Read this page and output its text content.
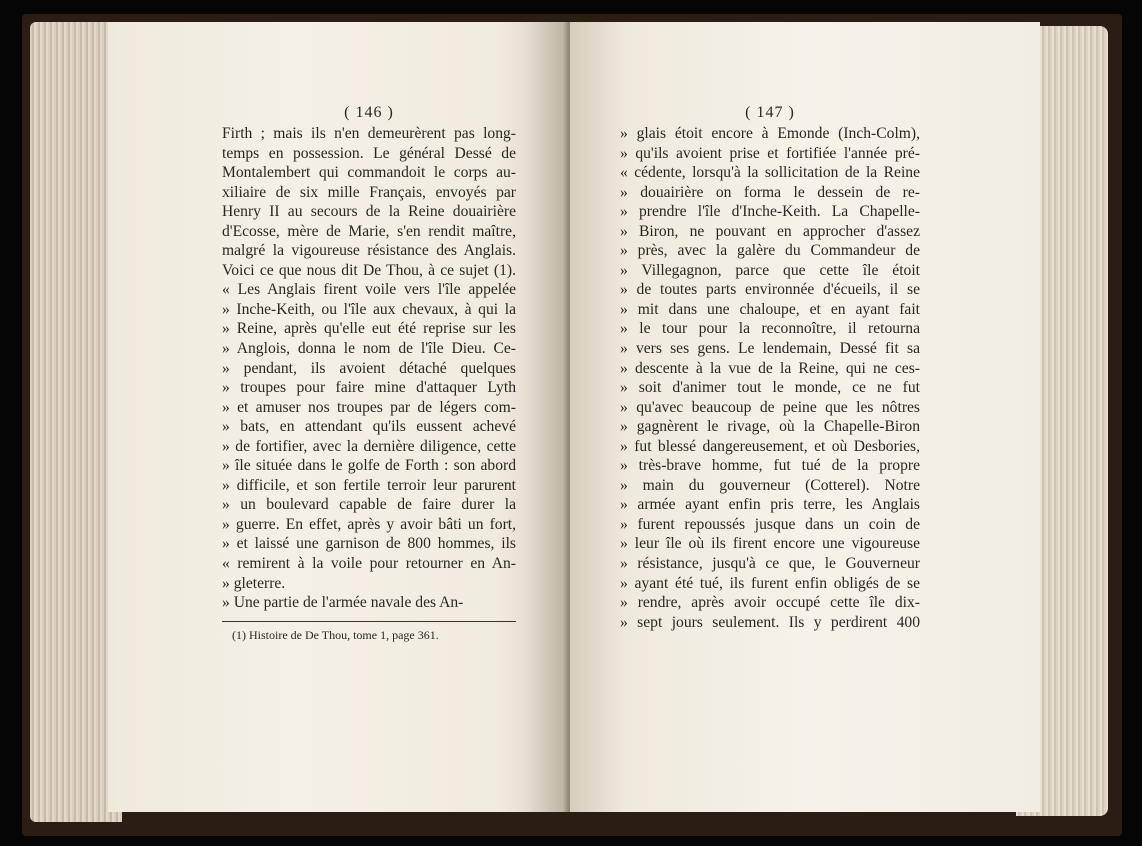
( 146 )
Firth ; mais ils n'en demeurèrent pas long-
temps en possession. Le général Dessé de
Montalembert qui commandoit le corps au-
xiliaire de six mille Français, envoyés par
Henry II au secours de la Reine douairière
d'Ecosse, mère de Marie, s'en rendit maître,
malgré la vigoureuse résistance des Anglais.
Voici ce que nous dit De Thou, à ce sujet (1).
« Les Anglais firent voile vers l'île appelée
» Inche-Keith, ou l'île aux chevaux, à qui la
» Reine, après qu'elle eut été reprise sur les
» Anglois, donna le nom de l'île Dieu. Ce-
» pendant, ils avoient détaché quelques
» troupes pour faire mine d'attaquer Lyth
» et amuser nos troupes par de légers com-
» bats, en attendant qu'ils eussent achevé
» de fortifier, avec la dernière diligence, cette
» île située dans le golfe de Forth : son abord
» difficile, et son fertile terroir leur parurent
» un boulevard capable de faire durer la
» guerre. En effet, après y avoir bâti un fort,
» et laissé une garnison de 800 hommes, ils
« remirent à la voile pour retourner en An-
» gleterre.
» Une partie de l'armée navale des An-
(1) Histoire de De Thou, tome 1, page 361.
( 147 )
» glais étoit encore à Emonde (Inch-Colm),
» qu'ils avoient prise et fortifiée l'année pré-
« cédente, lorsqu'à la sollicitation de la Reine
» douairière on forma le dessein de re-
» prendre l'île d'Inche-Keith. La Chapelle-
» Biron, ne pouvant en approcher d'assez
» près, avec la galère du Commandeur de
» Villegagnon, parce que cette île étoit
» de toutes parts environnée d'écueils, il se
» mit dans une chaloupe, et en ayant fait
» le tour pour la reconnoître, il retourna
» vers ses gens. Le lendemain, Dessé fit sa
» descente à la vue de la Reine, qui ne ces-
» soit d'animer tout le monde, ce ne fut
» qu'avec beaucoup de peine que les nôtres
» gagnèrent le rivage, où la Chapelle-Biron
» fut blessé dangereusement, et où Desbories,
» très-brave homme, fut tué de la propre
» main du gouverneur (Cotterel). Notre
» armée ayant enfin pris terre, les Anglais
» furent repoussés jusque dans un coin de
» leur île où ils firent encore une vigoureuse
» résistance, jusqu'à ce que, le Gouverneur
» ayant été tué, ils furent enfin obligés de se
» rendre, après avoir occupé cette île dix-
» sept jours seulement. Ils y perdirent 400
